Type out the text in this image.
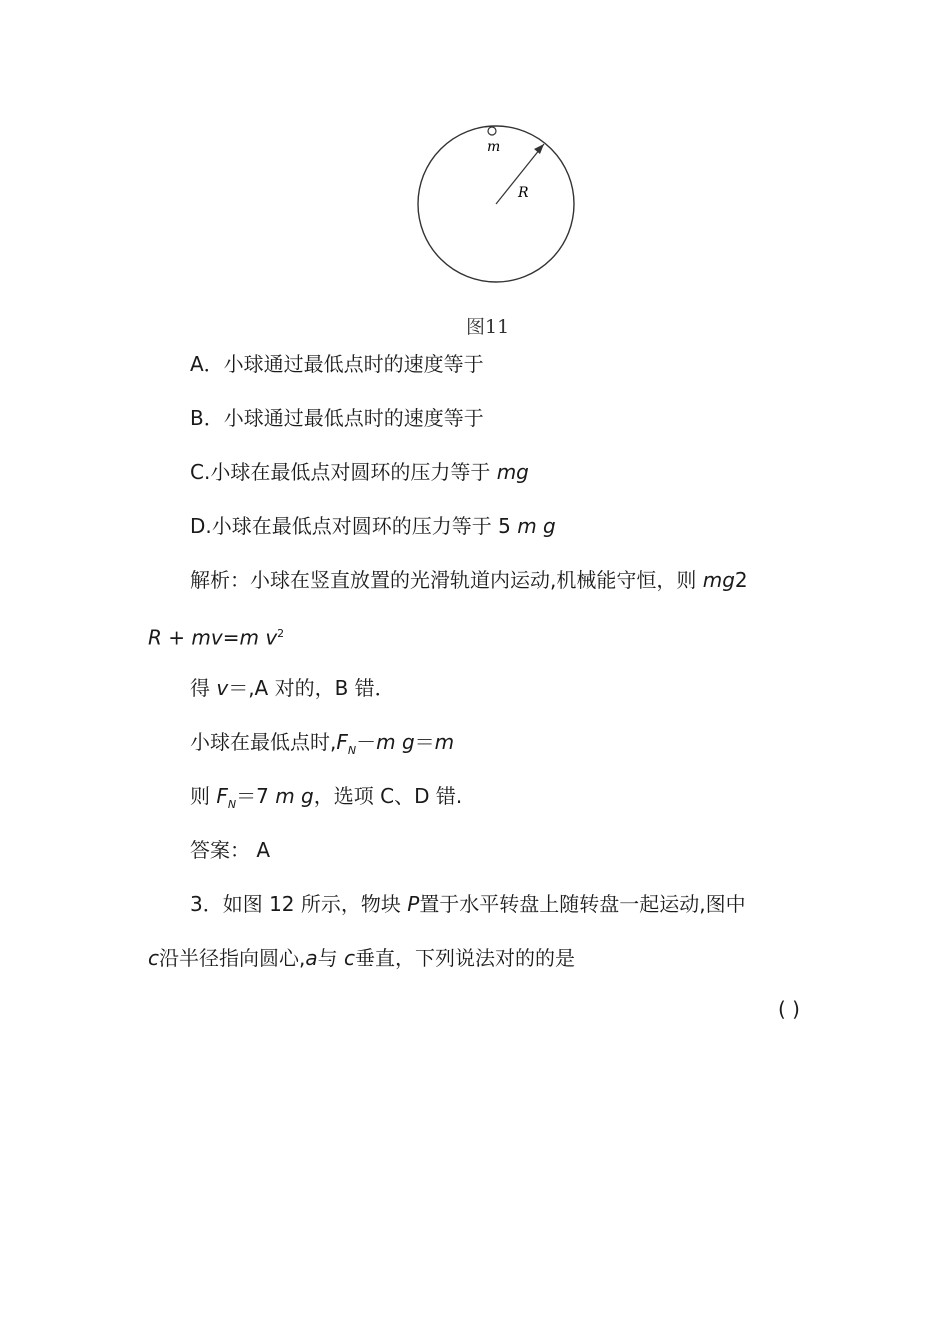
m
R
图11
A．小球通过最低点时的速度等于
B．小球通过最低点时的速度等于
C.小球在最低点对圆环的压力等于 mg
D.小球在最低点对圆环的压力等于 5 m g
解析：小球在竖直放置的光滑轨道内运动,机械能守恒，则 mg2
R + mv=m $v^2$
得 v＝,A 对的，B 错．
小球在最低点时$,F_N-m$ g＝m
则 $F_N=7$ m g，选项 C、D 错.
答案： A
3．如图 12 所示，物块 P置于水平转盘上随转盘一起运动,图中
c沿半径指向圆心,a与 c垂直，下列说法对的的是
( )
